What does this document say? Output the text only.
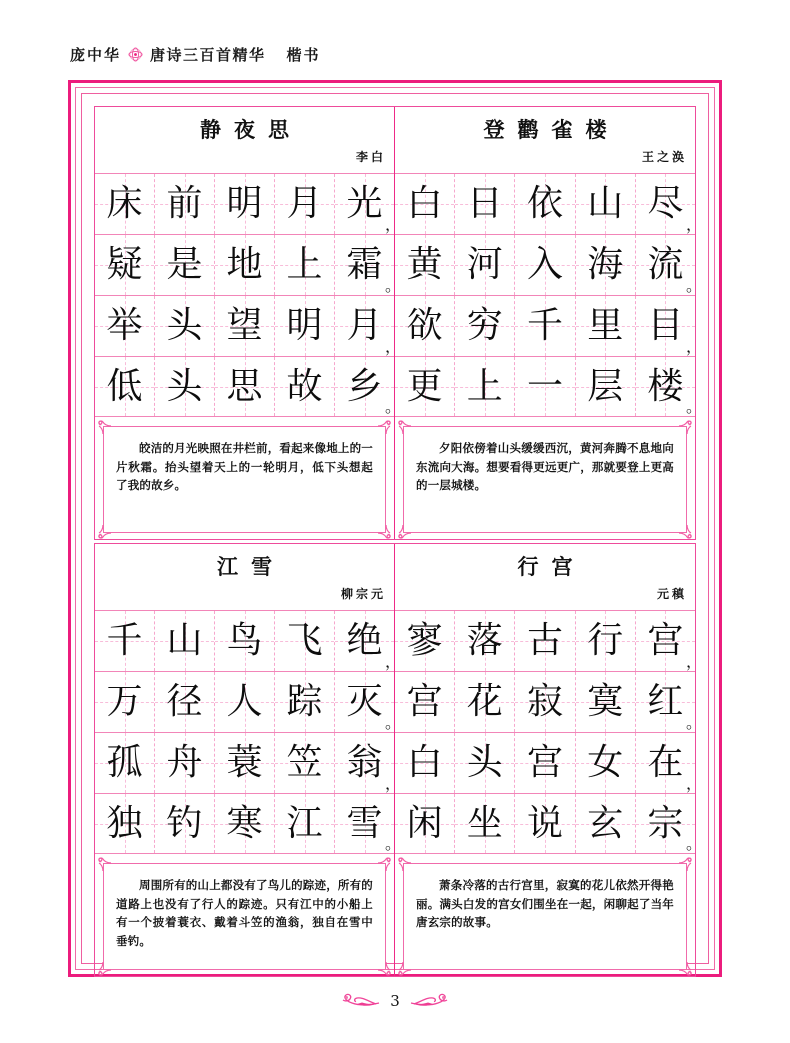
庞中华 唐诗三百首精华 楷书
静夜思
李白
床 前 明 月 光
，
疑 是 地 上 霜
。
举 头 望 明 月
，
低 头 思 故 乡 。
皎洁的月光映照在井栏前，看起来像地上的一片秋霜。抬头望着天上的一轮明月，低下头想起了我的故乡。
登鹳雀楼
王之涣
白 日 依 山 尽
，
黄 河 入 海 流
。
欲 穷 千 里 目
，
更 上 一 层 楼 。
夕阳依傍着山头缓缓西沉，黄河奔腾不息地向东流向大海。想要看得更远更广，那就要登上更高的一层城楼。
江雪
柳宗元
千 山 鸟 飞 绝
，
万 径 人 踪 灭
。
孤 舟 蓑 笠 翁
，
独 钓 寒 江 雪 。
周围所有的山上都没有了鸟儿的踪迹，所有的道路上也没有了行人的踪迹。只有江中的小船上有一个披着蓑衣、戴着斗笠的渔翁，独自在雪中垂钓。
行宫
元稹
寥 落 古 行 宫
，
宫 花 寂 寞 红
。
白 头 宫 女 在
，
闲 坐 说 玄 宗 。
萧条冷落的古行宫里，寂寞的花儿依然开得艳丽。满头白发的宫女们围坐在一起，闲聊起了当年唐玄宗的故事。
3
